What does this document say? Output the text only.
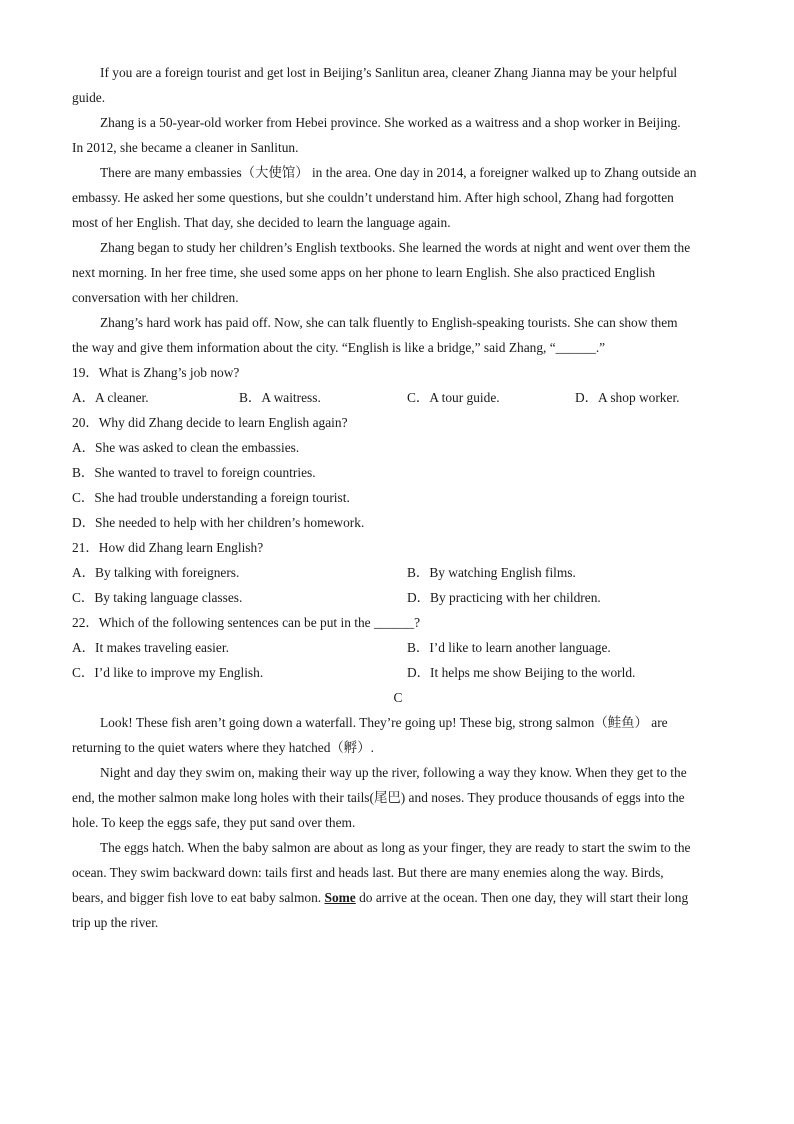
If you are a foreign tourist and get lost in Beijing’s Sanlitun area, cleaner Zhang Jianna may be your helpful
guide.
Zhang is a 50-year-old worker from Hebei province. She worked as a waitress and a shop worker in Beijing.
In 2012, she became a cleaner in Sanlitun.
There are many embassies（大使馆） in the area. One day in 2014, a foreigner walked up to Zhang outside an
embassy. He asked her some questions, but she couldn’t understand him. After high school, Zhang had forgotten
most of her English. That day, she decided to learn the language again.
Zhang began to study her children’s English textbooks. She learned the words at night and went over them the
next morning. In her free time, she used some apps on her phone to learn English. She also practiced English
conversation with her children.
Zhang’s hard work has paid off. Now, she can talk fluently to English-speaking tourists. She can show them
the way and give them information about the city. “English is like a bridge,” said Zhang, “______.”
19．What is Zhang’s job now?
A．A cleaner.	B．A waitress.	C．A tour guide.	D．A shop worker.
20．Why did Zhang decide to learn English again?
A．She was asked to clean the embassies.
B．She wanted to travel to foreign countries.
C．She had trouble understanding a foreign tourist.
D．She needed to help with her children’s homework.
21．How did Zhang learn English?
A．By talking with foreigners.	B．By watching English films.
C．By taking language classes.	D．By practicing with her children.
22．Which of the following sentences can be put in the ______?
A．It makes traveling easier.	B．I’d like to learn another language.
C．I’d like to improve my English.	D．It helps me show Beijing to the world.
C
Look! These fish aren’t going down a waterfall. They’re going up! These big, strong salmon（鲑鱼） are
returning to the quiet waters where they hatched（孵）.
Night and day they swim on, making their way up the river, following a way they know. When they get to the
end, the mother salmon make long holes with their tails(尾巴) and noses. They produce thousands of eggs into the
hole. To keep the eggs safe, they put sand over them.
The eggs hatch. When the baby salmon are about as long as your finger, they are ready to start the swim to the
ocean. They swim backward down: tails first and heads last. But there are many enemies along the way. Birds,
bears, and bigger fish love to eat baby salmon. Some do arrive at the ocean. Then one day, they will start their long
trip up the river.
